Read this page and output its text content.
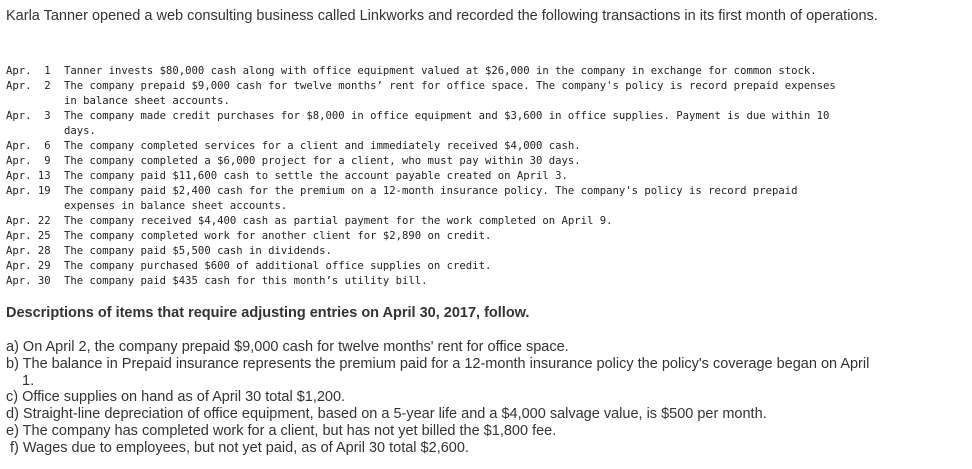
Karla Tanner opened a web consulting business called Linkworks and recorded the following transactions in its first month of operations.
Apr.  1	Tanner invests $80,000 cash along with office equipment valued at $26,000 in the company in exchange for common stock.
Apr.  2	The company prepaid $9,000 cash for twelve months’ rent for office space. The company's policy is record prepaid expenses
in balance sheet accounts.
Apr.  3	The company made credit purchases for $8,000 in office equipment and $3,600 in office supplies. Payment is due within 10
days.
Apr.  6	The company completed services for a client and immediately received $4,000 cash.
Apr.  9	The company completed a $6,000 project for a client, who must pay within 30 days.
Apr. 13	The company paid $11,600 cash to settle the account payable created on April 3.
Apr. 19	The company paid $2,400 cash for the premium on a 12-month insurance policy. The company's policy is record prepaid
expenses in balance sheet accounts.
Apr. 22	The company received $4,400 cash as partial payment for the work completed on April 9.
Apr. 25	The company completed work for another client for $2,890 on credit.
Apr. 28	The company paid $5,500 cash in dividends.
Apr. 29	The company purchased $600 of additional office supplies on credit.
Apr. 30	The company paid $435 cash for this month’s utility bill.
Descriptions of items that require adjusting entries on April 30, 2017, follow.
a) On April 2, the company prepaid $9,000 cash for twelve months' rent for office space.
b) The balance in Prepaid insurance represents the premium paid for a 12-month insurance policy the policy's coverage began on April
1.
c) Office supplies on hand as of April 30 total $1,200.
d) Straight-line depreciation of office equipment, based on a 5-year life and a $4,000 salvage value, is $500 per month.
e) The company has completed work for a client, but has not yet billed the $1,800 fee.
f) Wages due to employees, but not yet paid, as of April 30 total $2,600.
